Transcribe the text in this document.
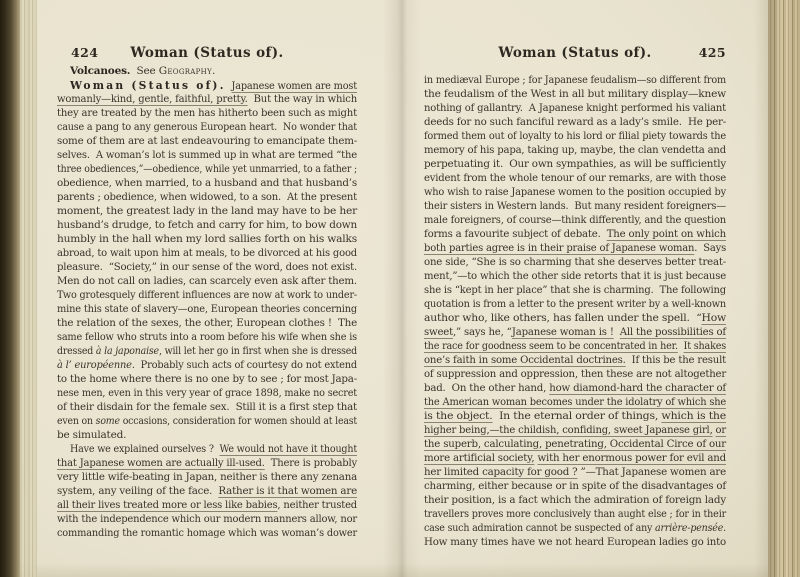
424	Woman (Status of).	Woman (Status of).	425
Volcanoes.  See Geography.
Woman (Status of). Japanese women are most
womanly—kind, gentle, faithful, pretty.  But the way in which
they are treated by the men has hitherto been such as might
cause a pang to any generous European heart.  No wonder that
some of them are at last endeavouring to emancipate them-
selves.  A woman’s lot is summed up in what are termed “the
three obediences,”—obedience, while yet unmarried, to a father ;
obedience, when married, to a husband and that husband’s
parents ; obedience, when widowed, to a son.  At the present
moment, the greatest lady in the land may have to be her
husband’s drudge, to fetch and carry for him, to bow down
humbly in the hall when my lord sallies forth on his walks
abroad, to wait upon him at meals, to be divorced at his good
pleasure.  “Society,” in our sense of the word, does not exist.
Men do not call on ladies, can scarcely even ask after them.
Two grotesquely different influences are now at work to under-
mine this state of slavery—one, European theories concerning
the relation of the sexes, the other, European clothes !  The
same fellow who struts into a room before his wife when she is
dressed à la japonaise, will let her go in first when she is dressed
à l’ européenne.  Probably such acts of courtesy do not extend
to the home where there is no one by to see ; for most Japa-
nese men, even in this very year of grace 1898, make no secret
of their disdain for the female sex.  Still it is a first step that
even on some occasions, consideration for women should at least
be simulated.
Have we explained ourselves ?  We would not have it thought
that Japanese women are actually ill-used.  There is probably
very little wife-beating in Japan, neither is there any zenana
system, any veiling of the face.  Rather is it that women are
all their lives treated more or less like babies, neither trusted
with the independence which our modern manners allow, nor
commanding the romantic homage which was woman’s dower
in mediæval Europe ; for Japanese feudalism—so different from
the feudalism of the West in all but military display—knew
nothing of gallantry.  A Japanese knight performed his valiant
deeds for no such fanciful reward as a lady’s smile.  He per-
formed them out of loyalty to his lord or filial piety towards the
memory of his papa, taking up, maybe, the clan vendetta and
perpetuating it.  Our own sympathies, as will be sufficiently
evident from the whole tenour of our remarks, are with those
who wish to raise Japanese women to the position occupied by
their sisters in Western lands.  But many resident foreigners—
male foreigners, of course—think differently, and the question
forms a favourite subject of debate.  The only point on which
both parties agree is in their praise of Japanese woman.  Says
one side, “She is so charming that she deserves better treat-
ment,”—to which the other side retorts that it is just because
she is “kept in her place” that she is charming.  The following
quotation is from a letter to the present writer by a well-known
author who, like others, has fallen under the spell.  “How
sweet,” says he, “Japanese woman is ! All the possibilities of
the race for goodness seem to be concentrated in her. It shakes
one’s faith in some Occidental doctrines.  If this be the result
of suppression and oppression, then these are not altogether
bad.  On the other hand, how diamond-hard the character of
the American woman becomes under the idolatry of which she
is the object.  In the eternal order of things, which is the
higher being,—the childish, confiding, sweet Japanese girl, or
the superb, calculating, penetrating, Occidental Circe of our
more artificial society, with her enormous power for evil and
her limited capacity for good ? ”—That Japanese women are
charming, either because or in spite of the disadvantages of
their position, is a fact which the admiration of foreign lady
travellers proves more conclusively than aught else ; for in their
case such admiration cannot be suspected of any arrière-pensée.
How many times have we not heard European ladies go into
